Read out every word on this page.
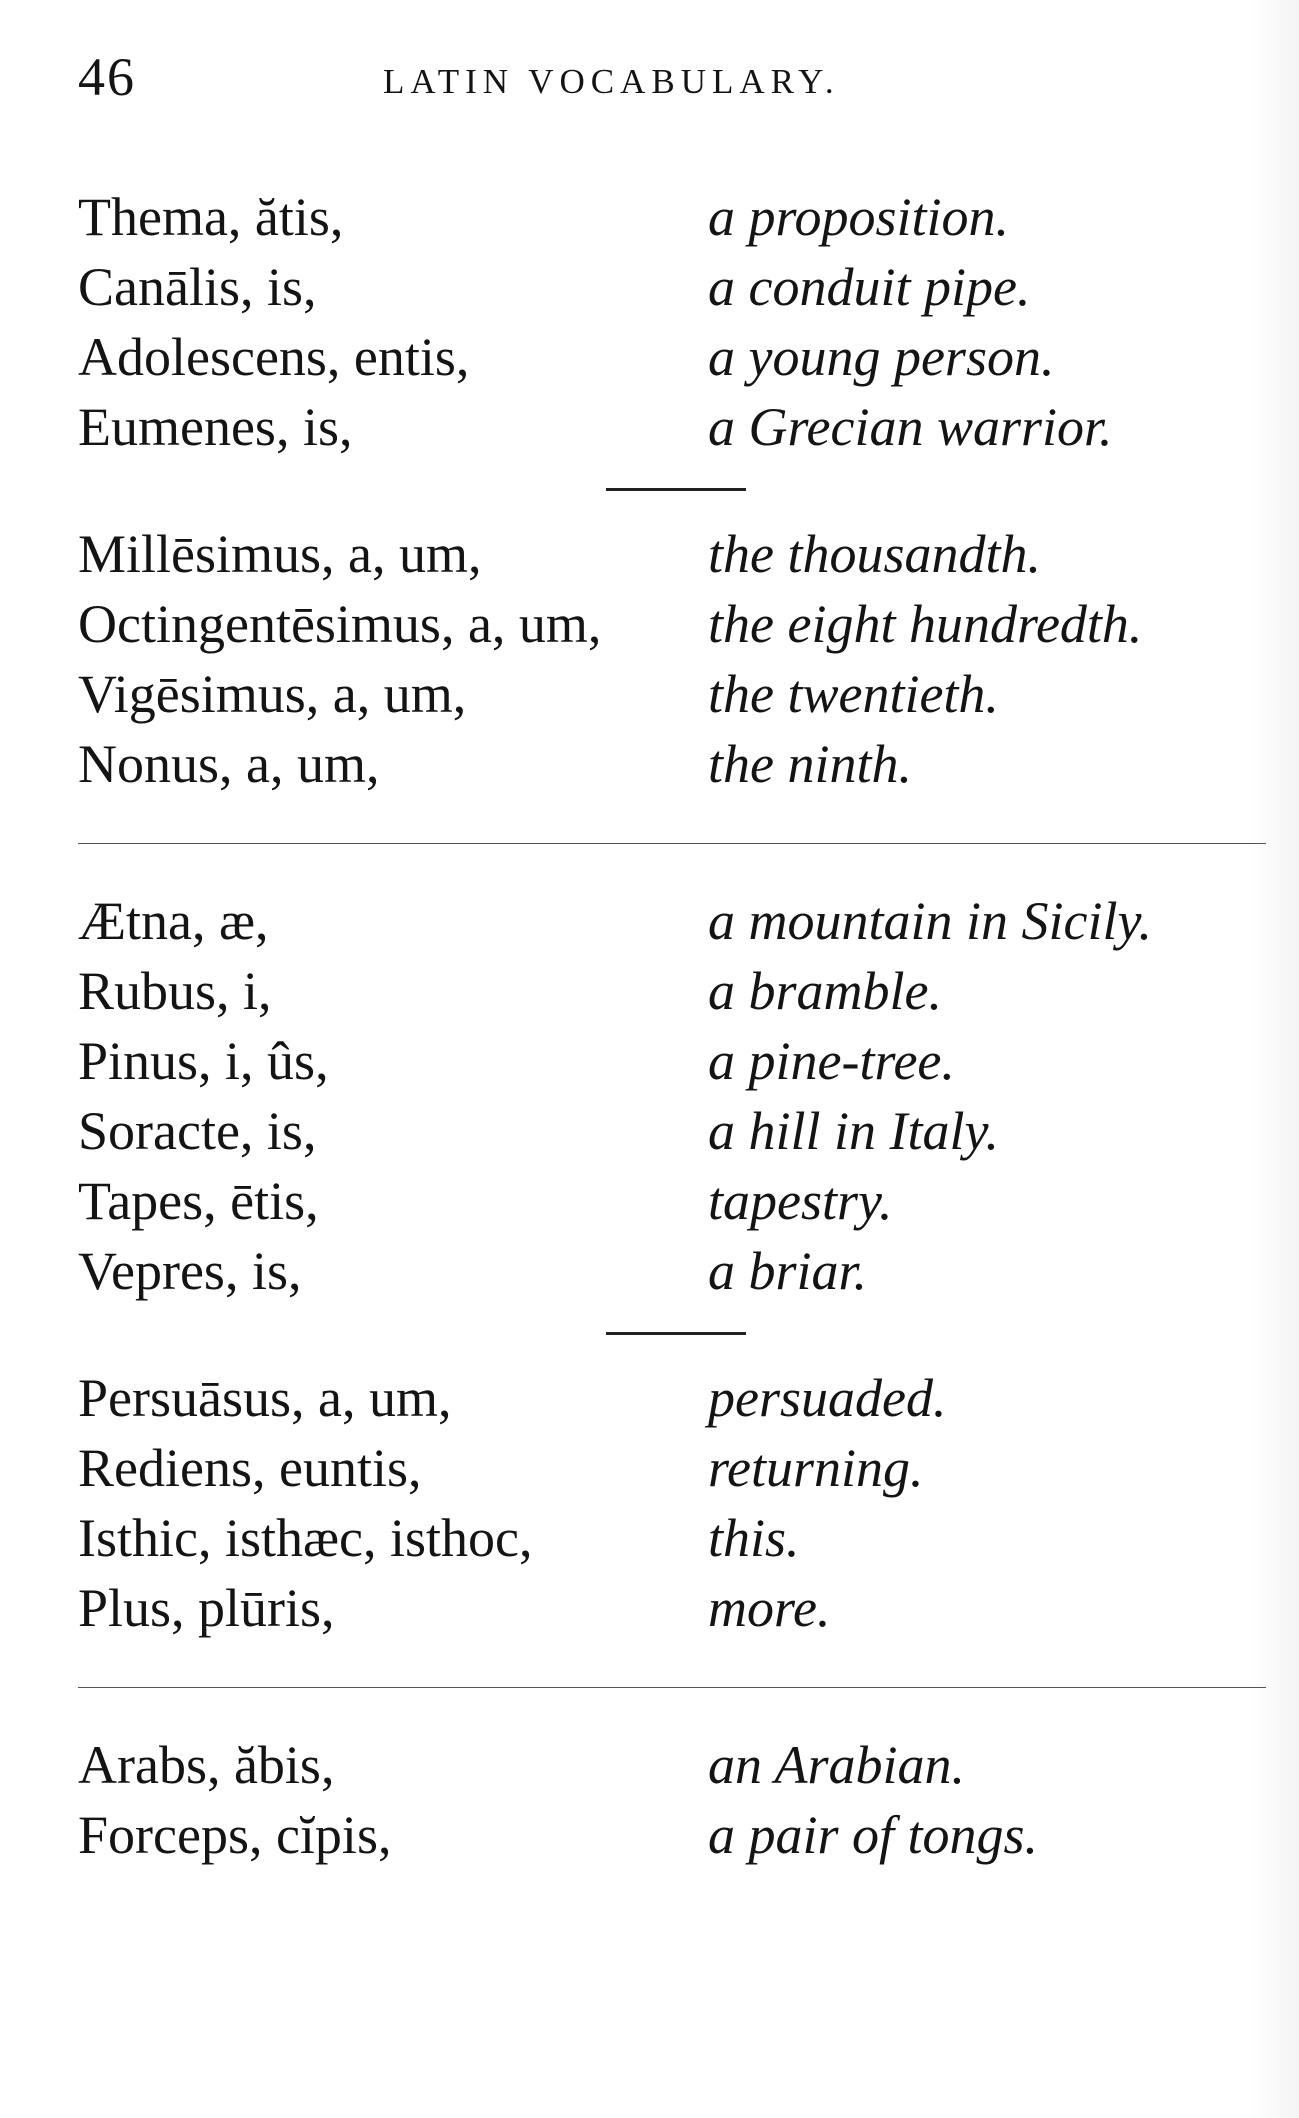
46	LATIN VOCABULARY.
Thema, ătis,	a proposition.
Canālis, is,	a conduit pipe.
Adolescens, entis,	a young person.
Eumenes, is,	a Grecian warrior.
Millēsimus, a, um,	the thousandth.
Octingentēsimus, a, um,	the eight hundredth.
Vigēsimus, a, um,	the twentieth.
Nonus, a, um,	the ninth.
Ætna, æ,	a mountain in Sicily.
Rubus, i,	a bramble.
Pinus, i, ûs,	a pine-tree.
Soracte, is,	a hill in Italy.
Tapes, ētis,	tapestry.
Vepres, is,	a briar.
Persuāsus, a, um,	persuaded.
Rediens, euntis,	returning.
Isthic, isthæc, isthoc,	this.
Plus, plūris,	more.
Arabs, ăbis,	an Arabian.
Forceps, cĭpis,	a pair of tongs.
